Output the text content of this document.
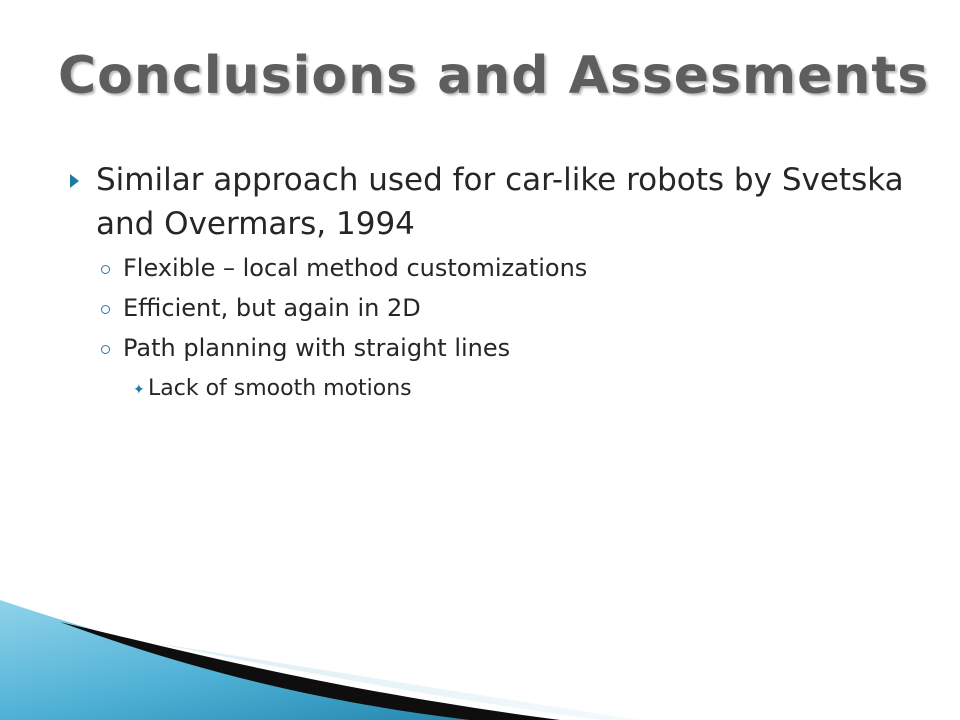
Conclusions and Assesments
Similar approach used for car-like robots by Svetska and Overmars, 1994
Flexible – local method customizations
Efficient, but again in 2D
Path planning with straight lines
✦ Lack of smooth motions
